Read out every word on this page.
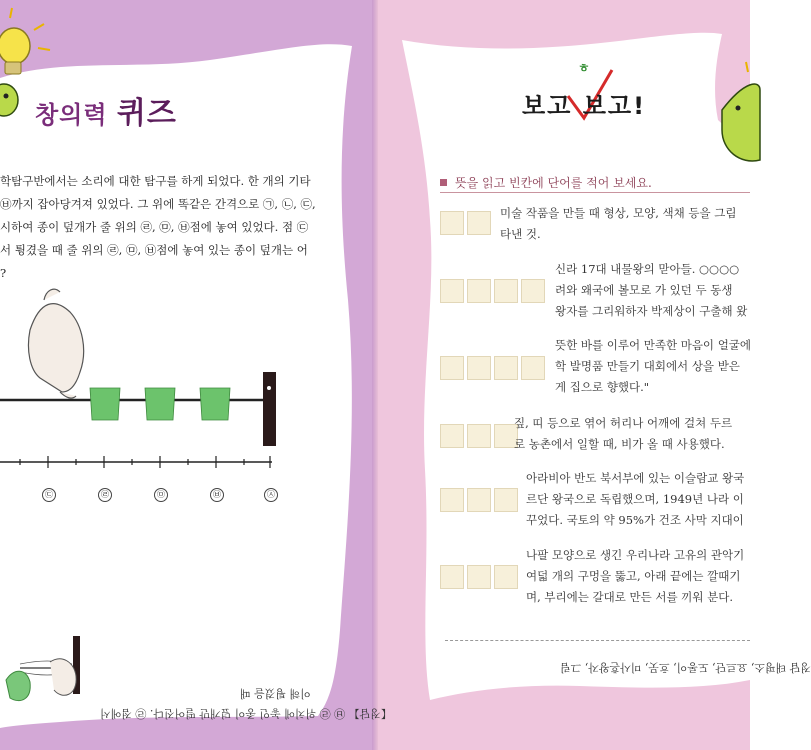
ㅎ
창의력 퀴즈
학탐구반에서는 소리에 대한 탐구를 하게 되었다. 한 개의 기타
㉥까지 잡아당겨져 있었다. 그 위에 똑같은 간격으로 ㉠, ㉡, ㉢,
시하여 종이 덮개가 줄 위의 ㉣, ㉤, ㉥점에 놓여 있었다. 점 ㉢
서 튕겼을 때 줄 위의 ㉣, ㉤, ㉥점에 놓여 있는 종이 덮개는 어
?
㉢	㉣	㉤	㉥	㉦
【정답】 ㉥ ㉣ 위치에 놓인 종이 덮개만 떨어진다. ㉣ 점에서
이해 튕겼을 때
보고 보고!
뜻을 읽고 빈칸에 단어를 적어 보세요.
미술 작품을 만들 때 형상, 모양, 색채 등을 그림
타낸 것.
신라 17대 내물왕의 맏아들. ○○○○
려와 왜국에 볼모로 가 있던 두 동생
왕자를 그리워하자 박제상이 구출해 왔
뜻한 바를 이루어 만족한 마음이 얼굴에
학 발명품 만들기 대회에서 상을 받은
게 집으로 향했다."
짚, 띠 등으로 엮어 허리나 어깨에 걸쳐 두르
로 농촌에서 일할 때, 비가 올 때 사용했다.
아라비아 반도 북서부에 있는 이슬람교 왕국
르단 왕국으로 독립했으며, 1949년 나라 이
꾸었다. 국토의 약 95%가 건조 사막 지대이
나팔 모양으로 생긴 우리나라 고유의 관악기
여덟 개의 구멍을 뚫고, 아래 끝에는 깔때기
며, 부리에는 갈대로 만든 서를 끼워 분다.
정답 태평소, 요르단, 도롱이, 흐뭇, 미사흔왕자, 그림
